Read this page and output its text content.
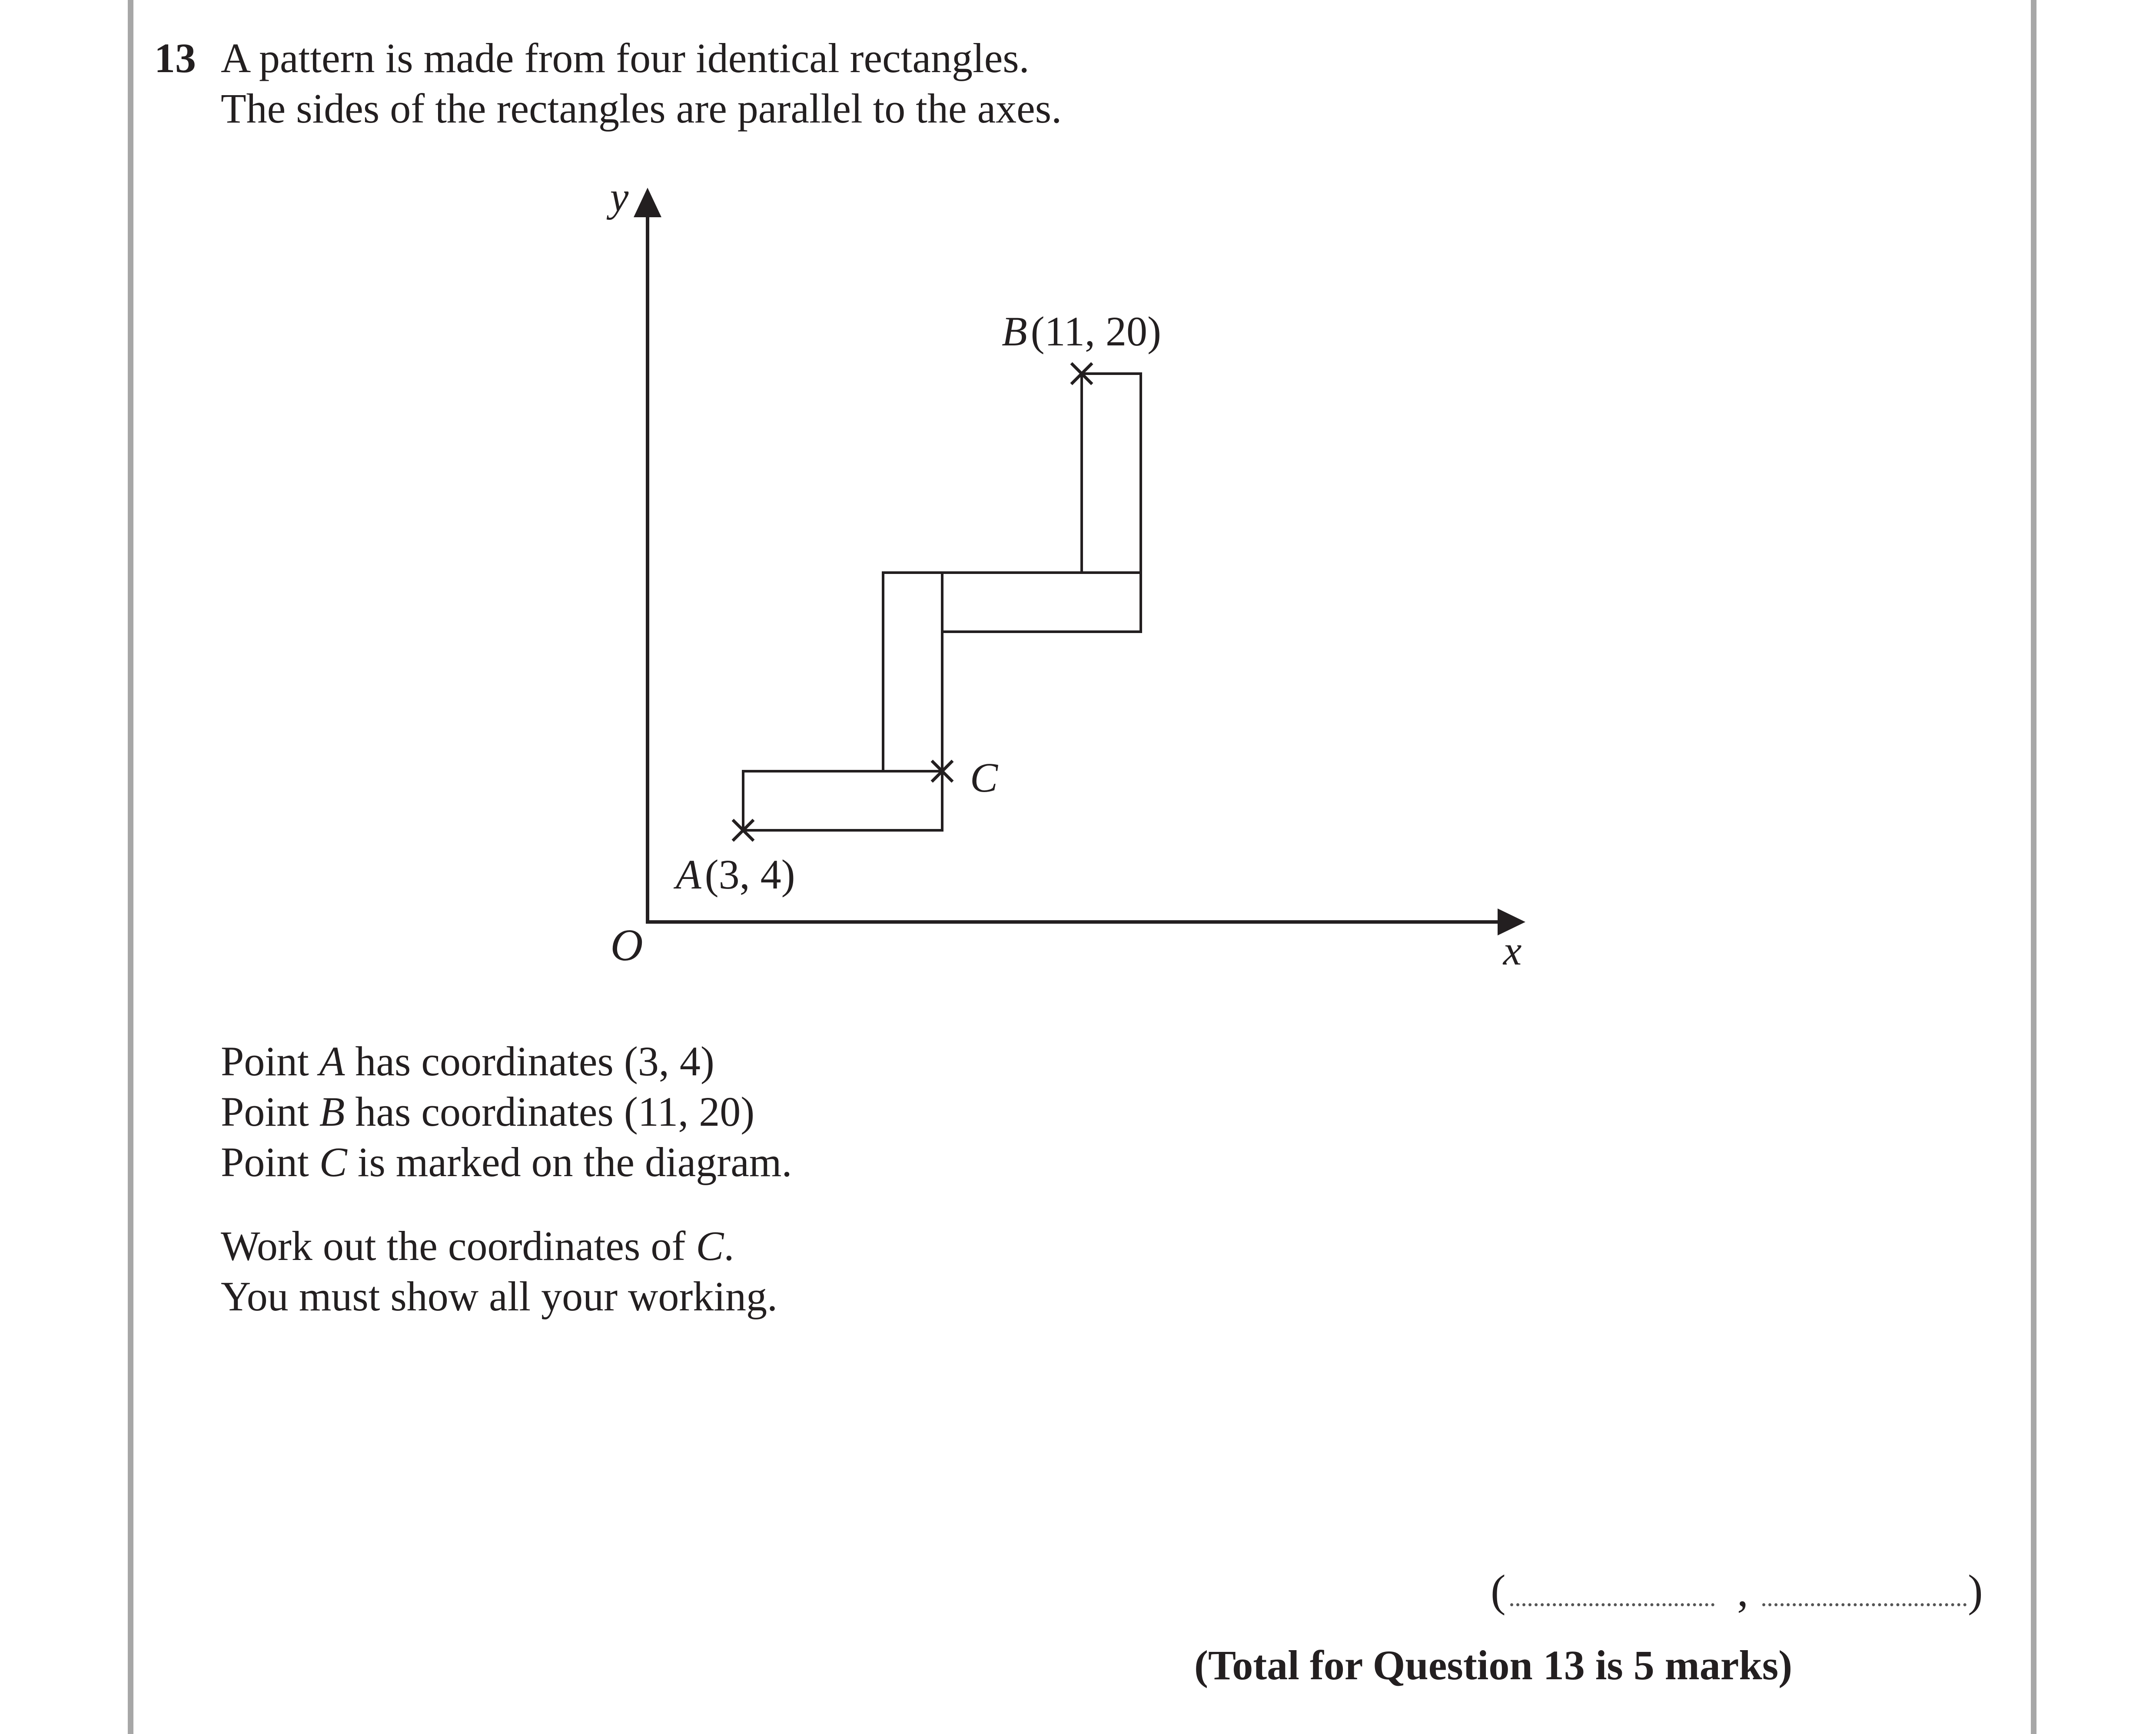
13 A pattern is made from four identical rectangles.

The sides of the rectangles are parallel to the axes.

y
x
O
A(3, 4)
B(11, 20)
C

Point A has coordinates (3, 4)

Point B has coordinates (11, 20)

Point C is marked on the diagram.

Work out the coordinates of C.

You must show all your working.

(	,	)

(Total for Question 13 is 5 marks)
